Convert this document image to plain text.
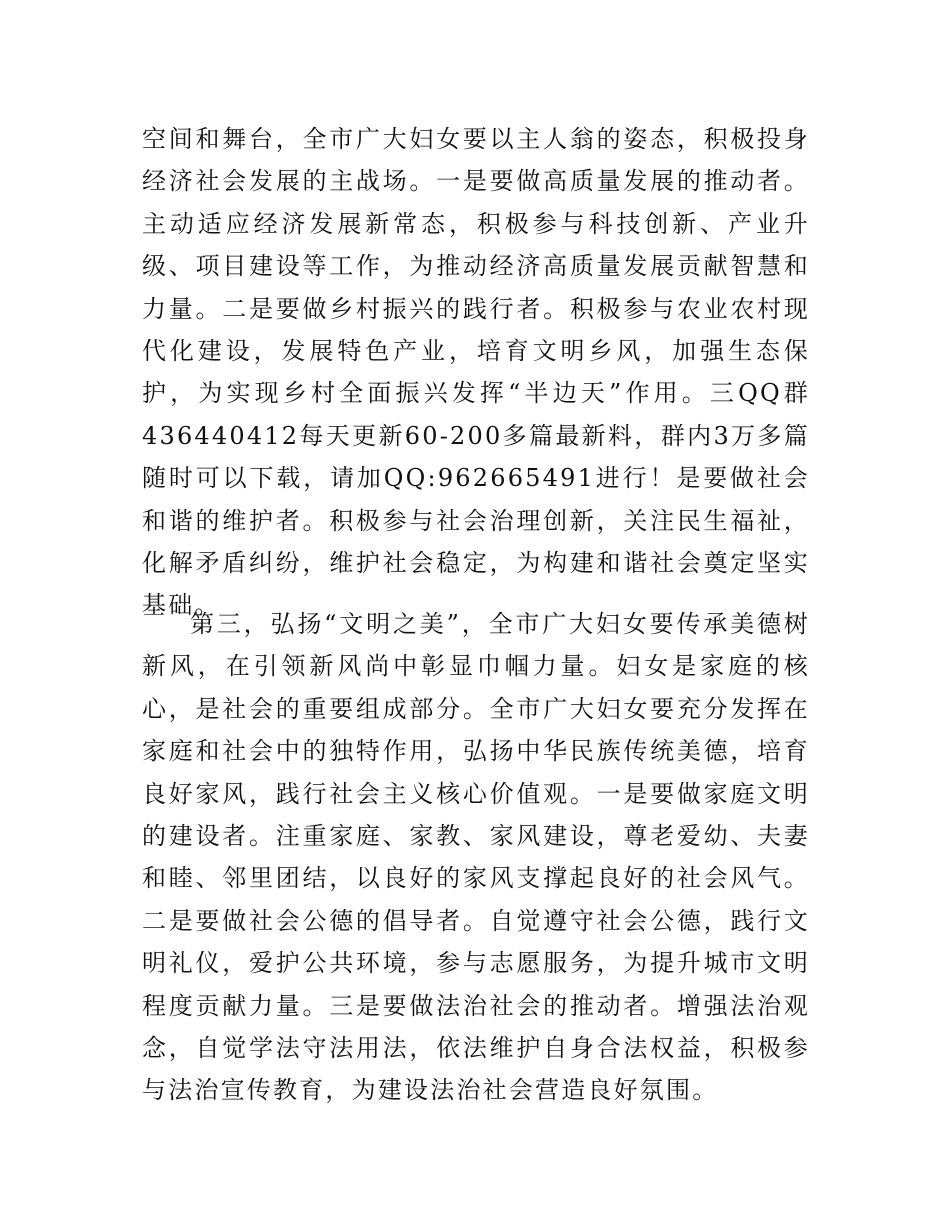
空间和舞台，全市广大妇女要以主人翁的姿态，积极投身经济社会发展的主战场。一是要做高质量发展的推动者。主动适应经济发展新常态，积极参与科技创新、产业升级、项目建设等工作，为推动经济高质量发展贡献智慧和力量。二是要做乡村振兴的践行者。积极参与农业农村现代化建设，发展特色产业，培育文明乡风，加强生态保护，为实现乡村全面振兴发挥“半边天”作用。三QQ群436440412每天更新60-200多篇最新料，群内3万多篇随时可以下载，请加QQ:962665491进行！是要做社会和谐的维护者。积极参与社会治理创新，关注民生福祉，化解矛盾纠纷，维护社会稳定，为构建和谐社会奠定坚实基础。

第三，弘扬“文明之美”，全市广大妇女要传承美德树新风，在引领新风尚中彰显巾帼力量。妇女是家庭的核心，是社会的重要组成部分。全市广大妇女要充分发挥在家庭和社会中的独特作用，弘扬中华民族传统美德，培育良好家风，践行社会主义核心价值观。一是要做家庭文明的建设者。注重家庭、家教、家风建设，尊老爱幼、夫妻和睦、邻里团结，以良好的家风支撑起良好的社会风气。二是要做社会公德的倡导者。自觉遵守社会公德，践行文明礼仪，爱护公共环境，参与志愿服务，为提升城市文明程度贡献力量。三是要做法治社会的推动者。增强法治观念，自觉学法守法用法，依法维护自身合法权益，积极参与法治宣传教育，为建设法治社会营造良好氛围。
